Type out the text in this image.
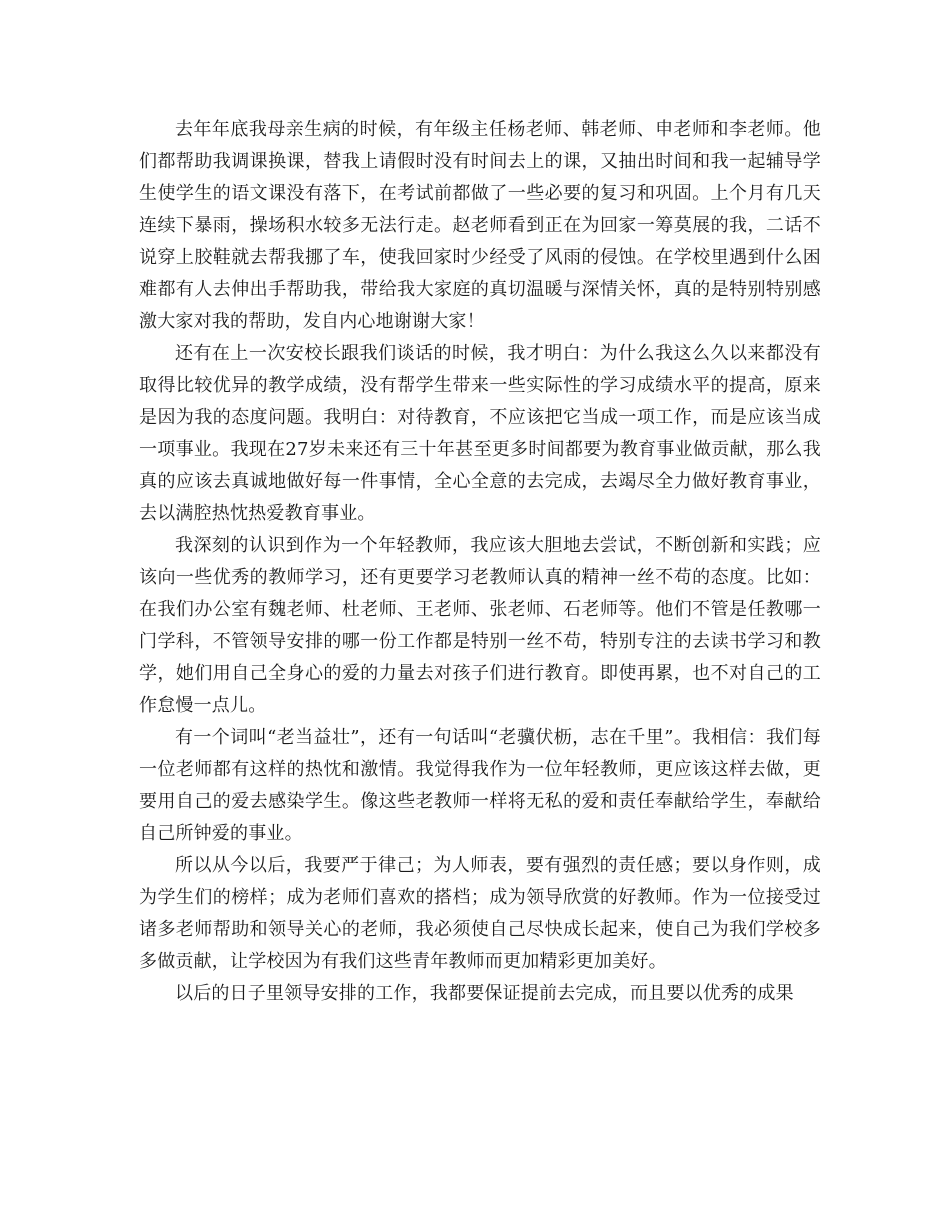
去年年底我母亲生病的时候，有年级主任杨老师、韩老师、申老师和李老师。他们都帮助我调课换课，替我上请假时没有时间去上的课，又抽出时间和我一起辅导学生使学生的语文课没有落下，在考试前都做了一些必要的复习和巩固。上个月有几天连续下暴雨，操场积水较多无法行走。赵老师看到正在为回家一筹莫展的我，二话不说穿上胶鞋就去帮我挪了车，使我回家时少经受了风雨的侵蚀。在学校里遇到什么困难都有人去伸出手帮助我，带给我大家庭的真切温暖与深情关怀，真的是特别特别感激大家对我的帮助，发自内心地谢谢大家！

还有在上一次安校长跟我们谈话的时候，我才明白：为什么我这么久以来都没有取得比较优异的教学成绩，没有帮学生带来一些实际性的学习成绩水平的提高，原来是因为我的态度问题。我明白：对待教育，不应该把它当成一项工作，而是应该当成一项事业。我现在27岁未来还有三十年甚至更多时间都要为教育事业做贡献，那么我真的应该去真诚地做好每一件事情，全心全意的去完成，去竭尽全力做好教育事业，去以满腔热忱热爱教育事业。

我深刻的认识到作为一个年轻教师，我应该大胆地去尝试，不断创新和实践；应该向一些优秀的教师学习，还有更要学习老教师认真的精神一丝不苟的态度。比如：在我们办公室有魏老师、杜老师、王老师、张老师、石老师等。他们不管是任教哪一门学科，不管领导安排的哪一份工作都是特别一丝不苟，特别专注的去读书学习和教学，她们用自己全身心的爱的力量去对孩子们进行教育。即使再累，也不对自己的工作怠慢一点儿。

有一个词叫“老当益壮”，还有一句话叫“老骥伏枥，志在千里”。我相信：我们每一位老师都有这样的热忱和激情。我觉得我作为一位年轻教师，更应该这样去做，更要用自己的爱去感染学生。像这些老教师一样将无私的爱和责任奉献给学生，奉献给自己所钟爱的事业。

所以从今以后，我要严于律己；为人师表，要有强烈的责任感；要以身作则，成为学生们的榜样；成为老师们喜欢的搭档；成为领导欣赏的好教师。作为一位接受过诸多老师帮助和领导关心的老师，我必须使自己尽快成长起来，使自己为我们学校多多做贡献，让学校因为有我们这些青年教师而更加精彩更加美好。

以后的日子里领导安排的工作，我都要保证提前去完成，而且要以优秀的成果
